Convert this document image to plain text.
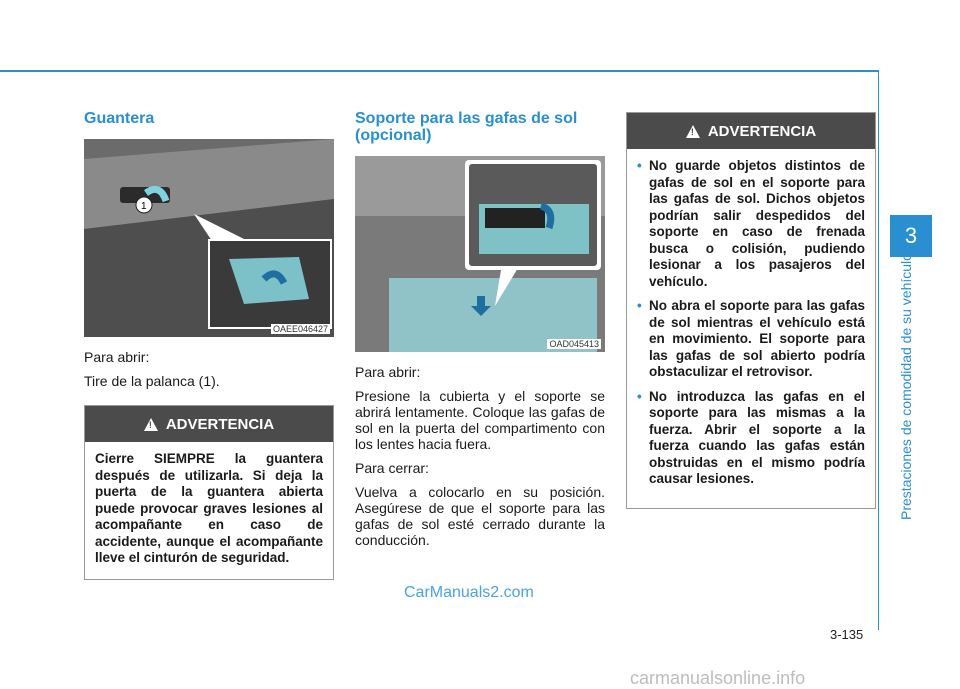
3
Prestaciones de comodidad de su vehículo
Guantera
1
OAEE046427

Para abrir:

Tire de la palanca (1).

!
ADVERTENCIA
Cierre SIEMPRE la guantera después de utilizarla. Si deja la puerta de la guantera abierta puede provocar graves lesiones al acompañante en caso de accidente, aunque el acompañante lleve el cinturón de seguridad.
Soporte para las gafas de sol (opcional)
OAD045413

Para abrir:

Presione la cubierta y el soporte se abrirá lentamente. Coloque las gafas de sol en la puerta del compartimento con los lentes hacia fuera.

Para cerrar:

Vuelva a colocarlo en su posición. Asegúrese de que el soporte para las gafas de sol esté cerrado durante la conducción.

!
ADVERTENCIA
• No guarde objetos distintos de gafas de sol en el soporte para las gafas de sol. Dichos objetos podrían salir despedidos del soporte en caso de frenada busca o colisión, pudiendo lesionar a los pasajeros del vehículo.
• No abra el soporte para las gafas de sol mientras el vehículo está en movimiento. El soporte para las gafas de sol abierto podría obstaculizar el retrovisor.
• No introduzca las gafas en el soporte para las mismas a la fuerza. Abrir el soporte a la fuerza cuando las gafas están obstruidas en el mismo podría causar lesiones.
3-135
CarManuals2.com
carmanualsonline.info
